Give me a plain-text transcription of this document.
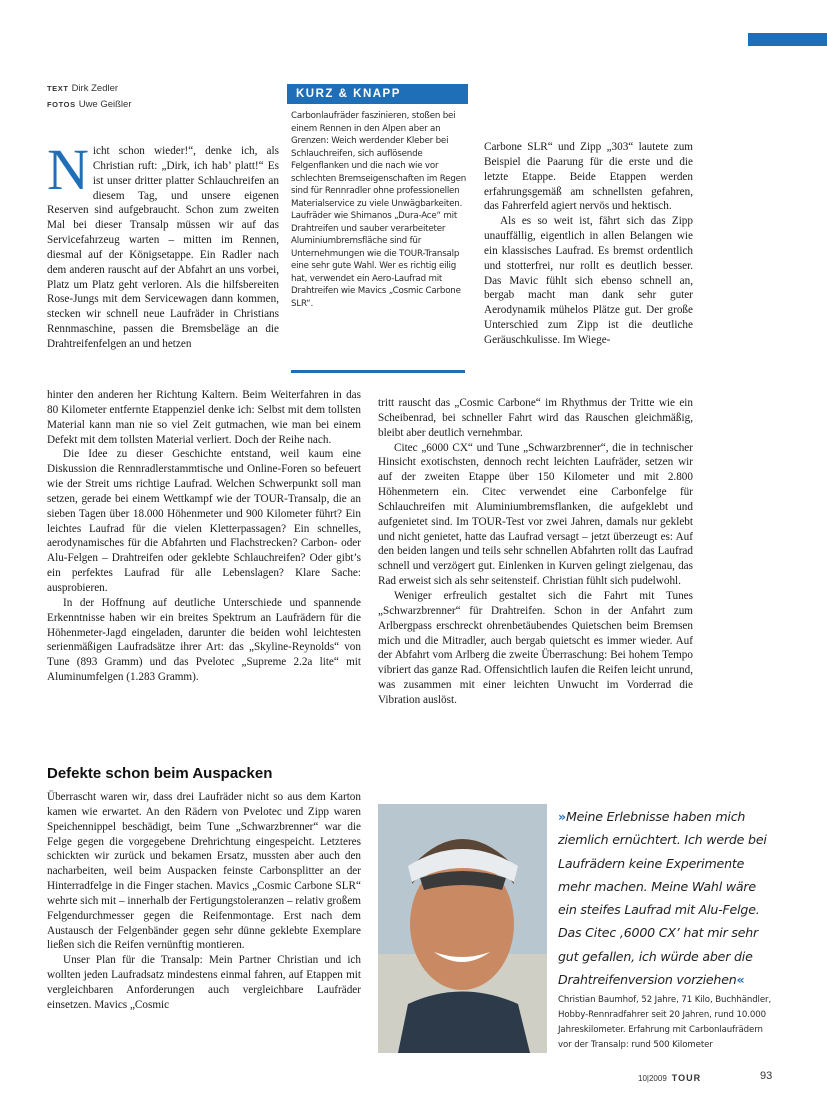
TEXT Dirk Zedler
FOTOS Uwe Geißler
KURZ & KNAPP
Carbonlaufräder faszinieren, stoßen bei einem Rennen in den Alpen aber an Grenzen: Weich werdender Kleber bei Schlauchreifen, sich auflösende Felgenflanken und die nach wie vor schlechten Bremseigenschaften im Regen sind für Rennradler ohne professionellen Materialservice zu viele Unwägbarkeiten. Laufräder wie Shimanos „Dura-Ace“ mit Drahtreifen und sauber verarbeiteter Aluminiumbremsfläche sind für Unternehmungen wie die TOUR-Transalp eine sehr gute Wahl. Wer es richtig eilig hat, verwendet ein Aero-Laufrad mit Drahtreifen wie Mavics „Cosmic Carbone SLR“.

Nicht schon wieder!“, denke ich, als Christian ruft: „Dirk, ich hab’ platt!“ Es ist unser dritter platter Schlauchreifen an diesem Tag, und unsere eigenen Reserven sind aufgebraucht. Schon zum zweiten Mal bei dieser Transalp müssen wir auf das Servicefahrzeug warten – mitten im Rennen, diesmal auf der Königsetappe. Ein Radler nach dem anderen rauscht auf der Abfahrt an uns vorbei, Platz um Platz geht verloren. Als die hilfsbereiten Rose-Jungs mit dem Servicewagen dann kommen, stecken wir schnell neue Laufräder in Christians Rennmaschine, passen die Bremsbeläge an die Drahtreifenfelgen an und hetzen

hinter den anderen her Richtung Kaltern. Beim Weiterfahren in das 80 Kilometer entfernte Etappenziel denke ich: Selbst mit dem tollsten Material kann man nie so viel Zeit gutmachen, wie man bei einem Defekt mit dem tollsten Material verliert. Doch der Reihe nach.

Die Idee zu dieser Geschichte entstand, weil kaum eine Diskussion die Rennradlerstammtische und Online-Foren so befeuert wie der Streit ums richtige Laufrad. Welchen Schwerpunkt soll man setzen, gerade bei einem Wettkampf wie der TOUR-Transalp, die an sieben Tagen über 18.000 Höhenmeter und 900 Kilometer führt? Ein leichtes Laufrad für die vielen Kletterpassagen? Ein schnelles, aerodynamisches für die Abfahrten und Flachstrecken? Carbon- oder Alu-Felgen – Drahtreifen oder geklebte Schlauchreifen? Oder gibt’s ein perfektes Laufrad für alle Lebenslagen? Klare Sache: ausprobieren.

In der Hoffnung auf deutliche Unterschiede und spannende Erkenntnisse haben wir ein breites Spektrum an Laufrädern für die Höhenmeter-Jagd eingeladen, darunter die beiden wohl leichtesten serienmäßigen Laufradsätze ihrer Art: das „Skyline-Reynolds“ von Tune (893 Gramm) und das Pvelotec „Supreme 2.2a lite“ mit Aluminumfelgen (1.283 Gramm).

Defekte schon beim Auspacken

Überrascht waren wir, dass drei Laufräder nicht so aus dem Karton kamen wie erwartet. An den Rädern von Pvelotec und Zipp waren Speichennippel beschädigt, beim Tune „Schwarzbrenner“ war die Felge gegen die vorgegebene Drehrichtung eingespeicht. Letzteres schickten wir zurück und bekamen Ersatz, mussten aber auch den nacharbeiten, weil beim Auspacken feinste Carbonsplitter an der Hinterradfelge in die Finger stachen. Mavics „Cosmic Carbone SLR“ wehrte sich mit – innerhalb der Fertigungstoleranzen – relativ großem Felgendurchmesser gegen die Reifenmontage. Erst nach dem Austausch der Felgenbänder gegen sehr dünne geklebte Exemplare ließen sich die Reifen vernünftig montieren.

Unser Plan für die Transalp: Mein Partner Christian und ich wollten jeden Laufradsatz mindestens einmal fahren, auf Etappen mit vergleichbaren Anforderungen auch vergleichbare Laufräder einsetzen. Mavics „Cosmic

Carbone SLR“ und Zipp „303“ lautete zum Beispiel die Paarung für die erste und die letzte Etappe. Beide Etappen werden erfahrungsgemäß am schnellsten gefahren, das Fahrerfeld agiert nervös und hektisch.

Als es so weit ist, fährt sich das Zipp unauffällig, eigentlich in allen Belangen wie ein klassisches Laufrad. Es bremst ordentlich und stotterfrei, nur rollt es deutlich besser. Das Mavic fühlt sich ebenso schnell an, bergab macht man dank sehr guter Aerodynamik mühelos Plätze gut. Der große Unterschied zum Zipp ist die deutliche Geräuschkulisse. Im Wiege-

tritt rauscht das „Cosmic Carbone“ im Rhythmus der Tritte wie ein Scheibenrad, bei schneller Fahrt wird das Rauschen gleichmäßig, bleibt aber deutlich vernehmbar.

Citec „6000 CX“ und Tune „Schwarzbrenner“, die in technischer Hinsicht exotischsten, dennoch recht leichten Laufräder, setzen wir auf der zweiten Etappe über 150 Kilometer und mit 2.800 Höhenmetern ein. Citec verwendet eine Carbonfelge für Schlauchreifen mit Aluminiumbremsflanken, die aufgeklebt und aufgenietet sind. Im TOUR-Test vor zwei Jahren, damals nur geklebt und nicht genietet, hatte das Laufrad versagt – jetzt überzeugt es: Auf den beiden langen und teils sehr schnellen Abfahrten rollt das Laufrad schnell und verzögert gut. Einlenken in Kurven gelingt zielgenau, das Rad erweist sich als sehr seitensteif. Christian fühlt sich pudelwohl.

Weniger erfreulich gestaltet sich die Fahrt mit Tunes „Schwarzbrenner“ für Drahtreifen. Schon in der Anfahrt zum Arlbergpass erschreckt ohrenbetäubendes Quietschen beim Bremsen mich und die Mitradler, auch bergab quietscht es immer wieder. Auf der Abfahrt vom Arlberg die zweite Überraschung: Bei hohem Tempo vibriert das ganze Rad. Offensichtlich laufen die Reifen leicht unrund, was zusammen mit einer leichten Unwucht im Vorderrad die Vibration auslöst.

»Meine Erlebnisse haben mich ziemlich ernüchtert. Ich werde bei Laufrädern keine Experimente mehr machen. Meine Wahl wäre ein steifes Laufrad mit Alu-Felge. Das Citec ‚6000 CX’ hat mir sehr gut gefallen, ich würde aber die Drahtreifenversion vorziehen«
Christian Baumhof, 52 Jahre, 71 Kilo, Buchhändler, Hobby-Rennradfahrer seit 20 Jahren, rund 10.000 Jahreskilometer. Erfahrung mit Carbonlaufrädern vor der Transalp: rund 500 Kilometer
10|2009 TOUR	93
